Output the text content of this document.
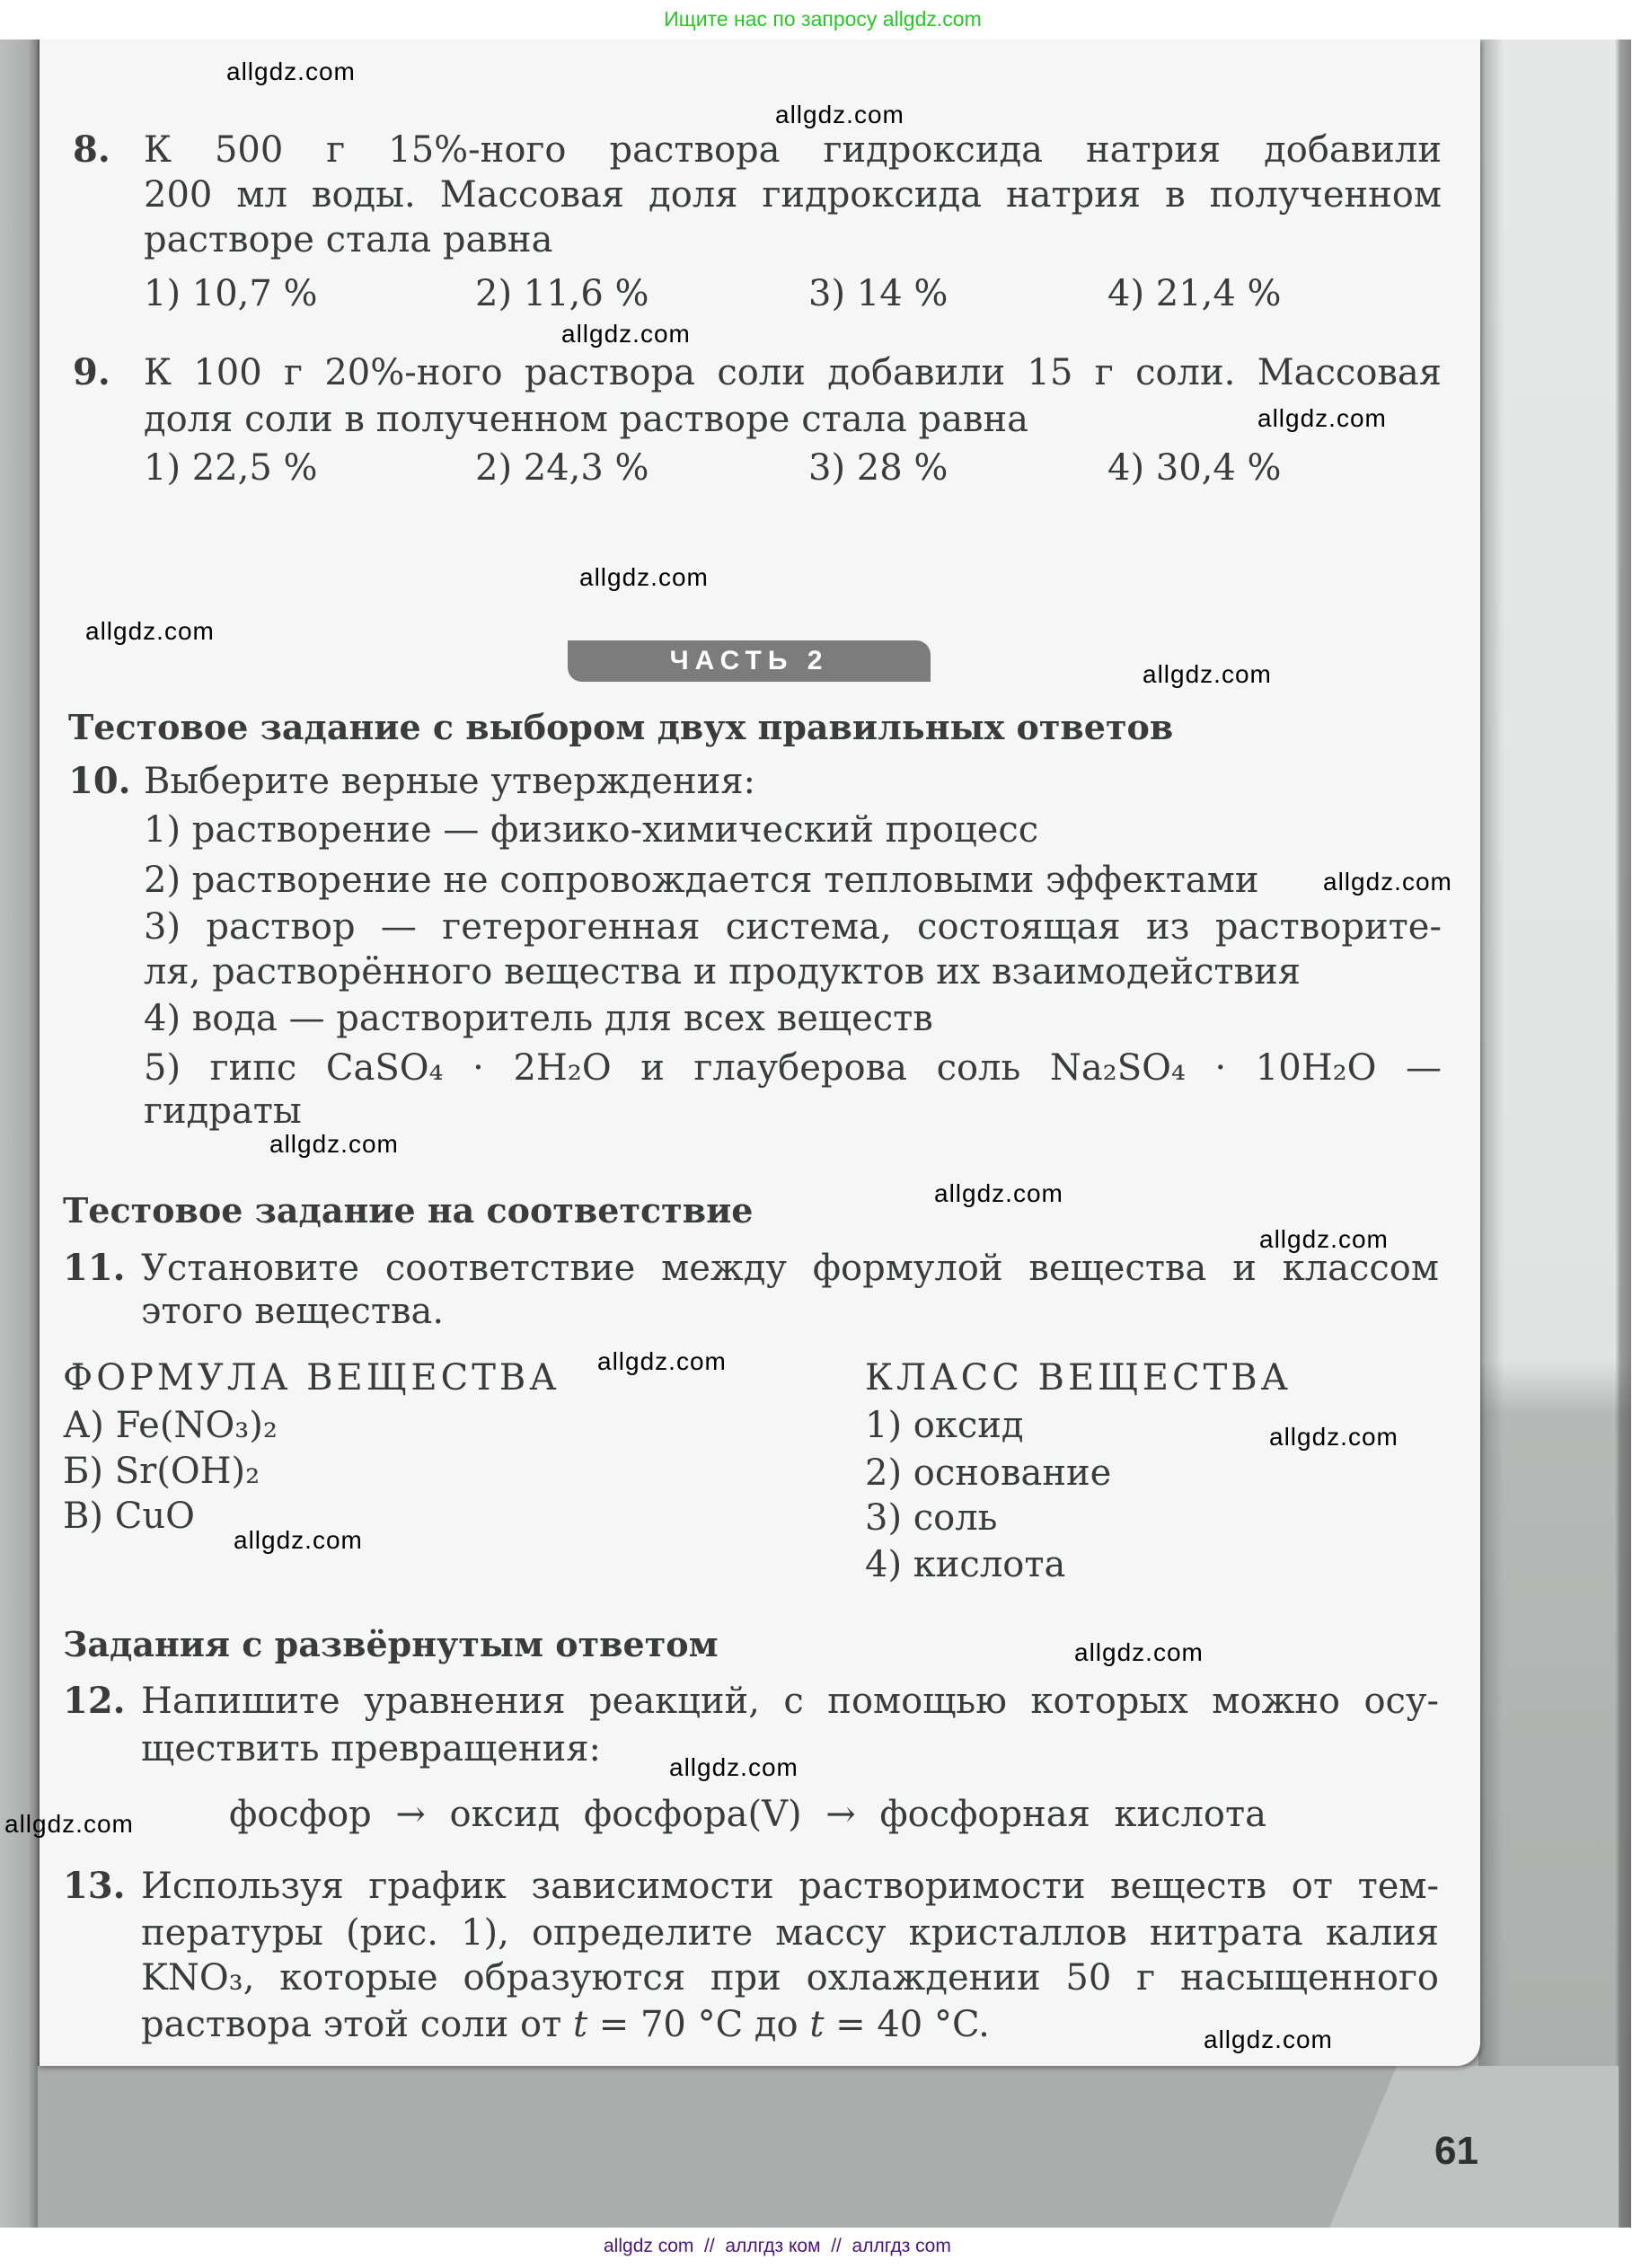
Ищите нас по запросу allgdz.com
8. К 500 г 15%-ного раствора гидроксида натрия добавили
200 мл воды. Массовая доля гидроксида натрия в полученном
растворе стала равна
1) 10,7 %	2) 11,6 %	3) 14 %	4) 21,4 %
9. К 100 г 20%-ного раствора соли добавили 15 г соли. Массовая
доля соли в полученном растворе стала равна
1) 22,5 %	2) 24,3 %	3) 28 %	4) 30,4 %
ЧАСТЬ 2
Тестовое задание с выбором двух правильных ответов
10. Выберите верные утверждения:
1) растворение — физико-химический процесс
2) растворение не сопровождается тепловыми эффектами
3) раствор — гетерогенная система, состоящая из растворите-
ля, растворённого вещества и продуктов их взаимодействия
4) вода — растворитель для всех веществ
5) гипс CaSO₄ · 2H₂O и глауберова соль Na₂SO₄ · 10H₂O —
гидраты
Тестовое задание на соответствие
11. Установите соответствие между формулой вещества и классом
этого вещества.
ФОРМУЛА ВЕЩЕСТВА	КЛАСС ВЕЩЕСТВА
А) Fe(NO₃)₂
Б) Sr(OH)₂
В) CuO
1) оксид
2) основание
3) соль
4) кислота
Задания с развёрнутым ответом
12. Напишите уравнения реакций, с помощью которых можно осу-
ществить превращения:
фосфор → оксид фосфора(V) → фосфорная кислота
13. Используя график зависимости растворимости веществ от тем-
пературы (рис. 1), определите массу кристаллов нитрата калия
KNO₃, которые образуются при охлаждении 50 г насыщенного
раствора этой соли от t = 70 °C до t = 40 °C.
61
allgdz.com
allgdz.com
allgdz.com
allgdz.com
allgdz.com
allgdz.com
allgdz.com
allgdz.com
allgdz.com
allgdz.com
allgdz.com
allgdz.com
allgdz.com
allgdz.com
allgdz.com
allgdz.com
allgdz.com
allgdz.com
allgdz com  //  аллгдз ком  //  аллгдз com
